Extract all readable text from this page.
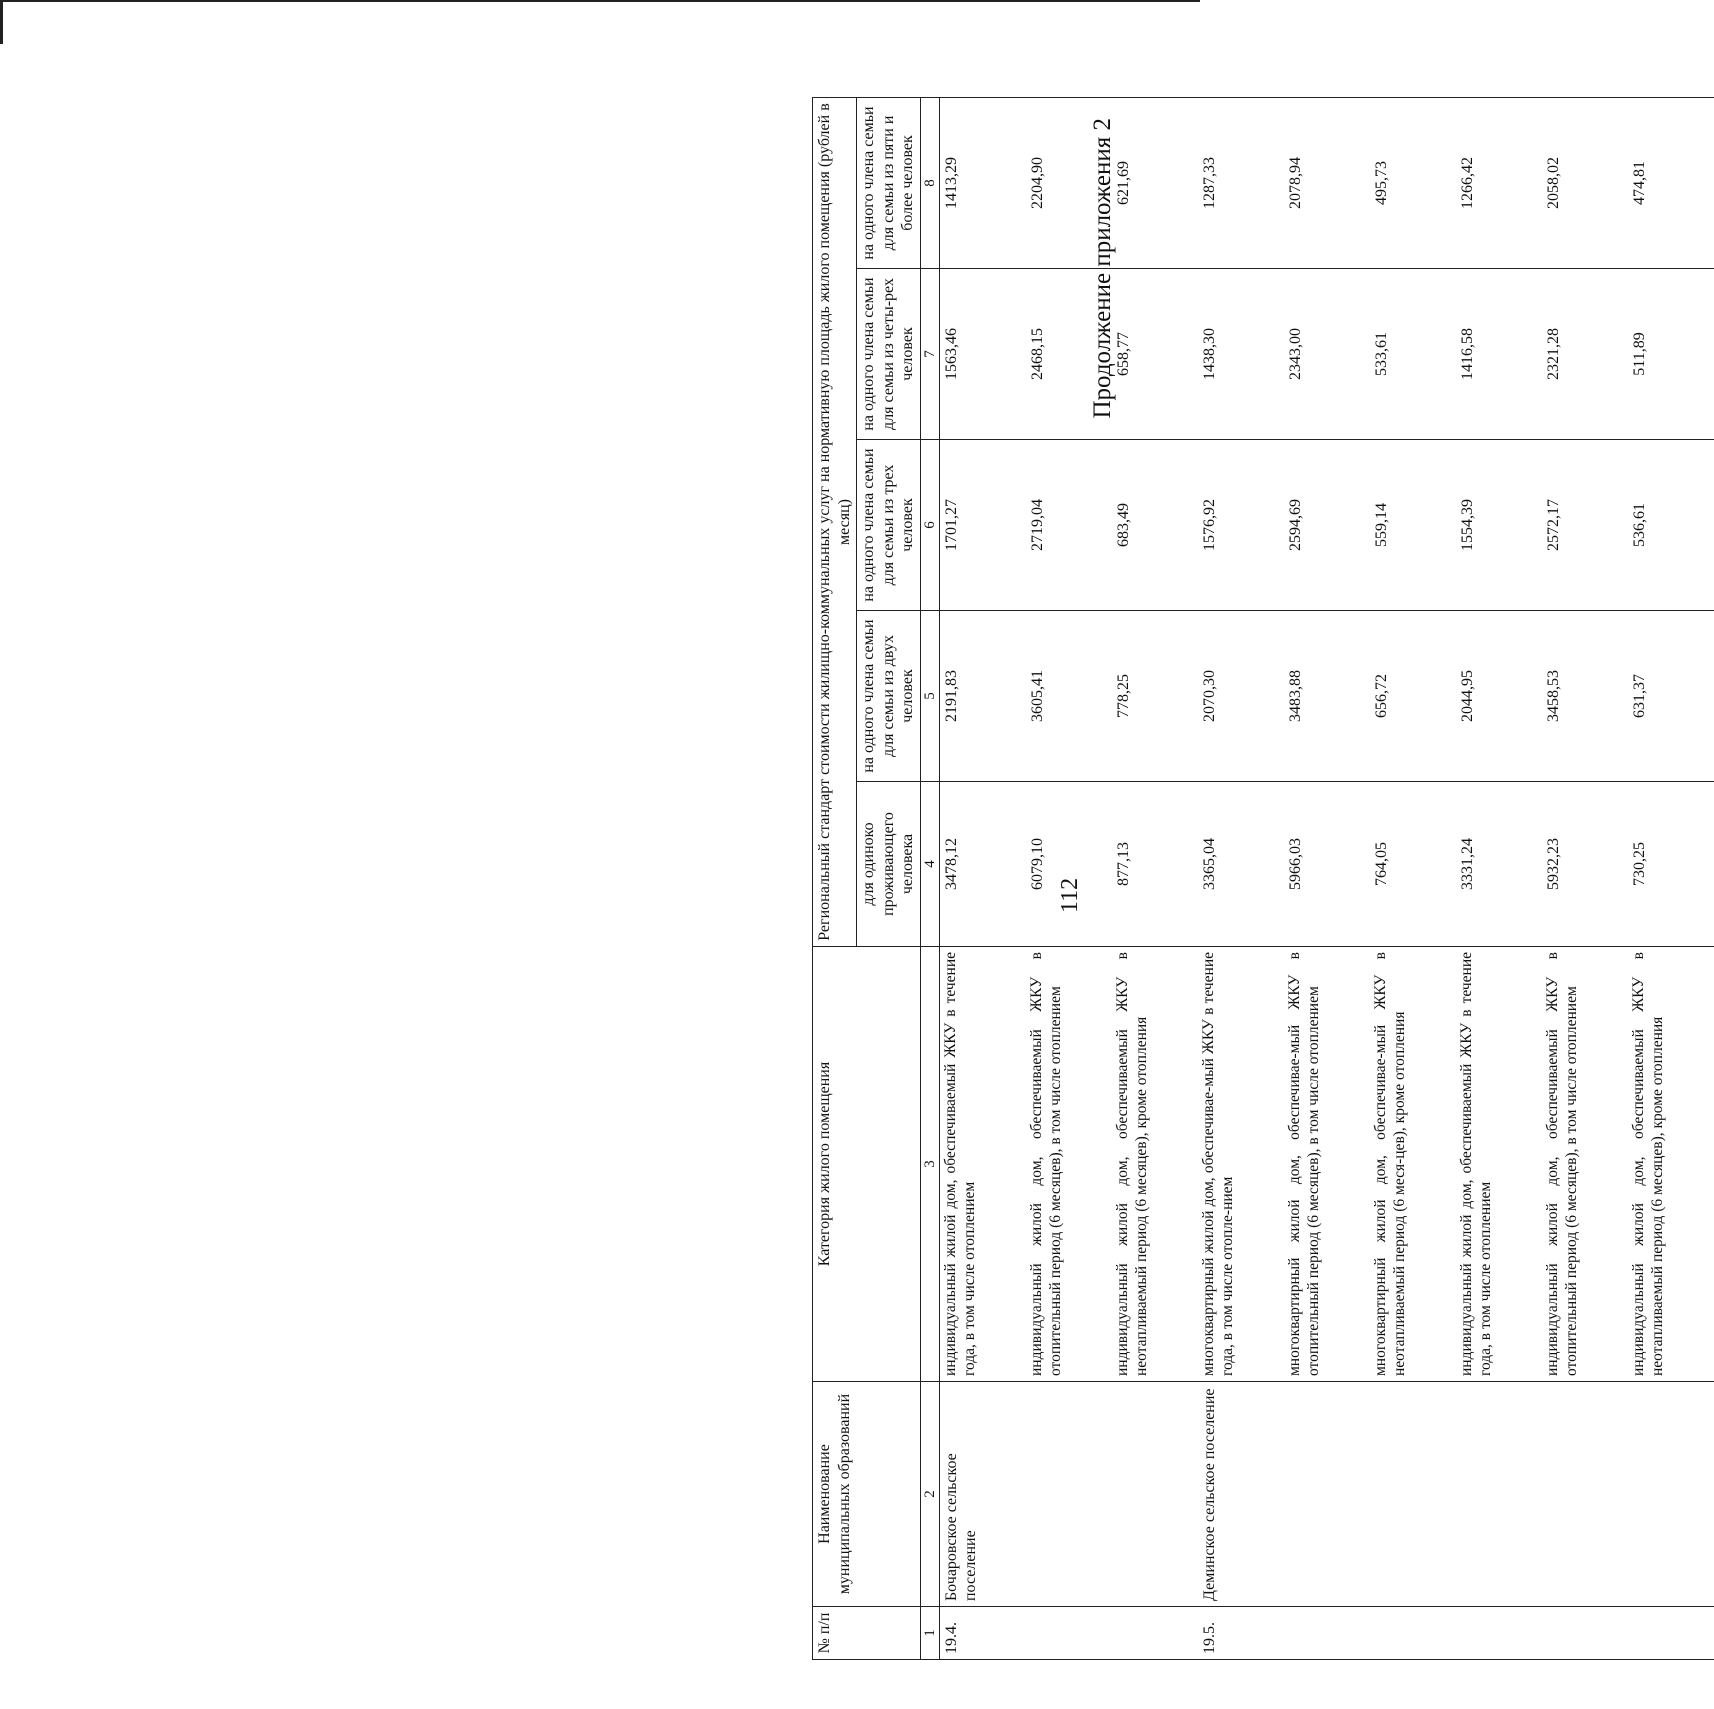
112
Продолжение приложения 2
№ п/п	Наименование муниципальных образований	Категория жилого помещения	Региональный стандарт стоимости жилищно-коммунальных услуг на нормативную площадь жилого помещения (рублей в месяц)				
			для одиноко проживающего человека	на одного члена семьи для семьи из двух человек	на одного члена семьи для семьи из трех человек	на одного члена семьи для семьи из четы-рех человек	на одного члена семьи для семьи из пяти и более человек
1	2	3	4	5	6	7	8
19.4.	Бочаровское сельское поселение	индивидуальный жилой дом, обеспечиваемый ЖКУ в течение года, в том числе отоплением	3478,12	2191,83	1701,27	1563,46	1413,29
		индивидуальный жилой дом, обеспечиваемый ЖКУ в отопительный период (6 месяцев), в том числе отоплением	6079,10	3605,41	2719,04	2468,15	2204,90
		индивидуальный жилой дом, обеспечиваемый ЖКУ в неотапливаемый период (6 месяцев), кроме отопления	877,13	778,25	683,49	658,77	621,69
19.5.	Деминское сельское поселение	многоквартирный жилой дом, обеспечивае-мый ЖКУ в течение года, в том числе отопле-нием	3365,04	2070,30	1576,92	1438,30	1287,33
		многоквартирный жилой дом, обеспечивае-мый ЖКУ в отопительный период (6 месяцев), в том числе отоплением	5966,03	3483,88	2594,69	2343,00	2078,94
		многоквартирный жилой дом, обеспечивае-мый ЖКУ в неотапливаемый период (6 меся-цев), кроме отопления	764,05	656,72	559,14	533,61	495,73
		индивидуальный жилой дом, обеспечиваемый ЖКУ в течение года, в том числе отоплением	3331,24	2044,95	1554,39	1416,58	1266,42
		индивидуальный жилой дом, обеспечиваемый ЖКУ в отопительный период (6 месяцев), в том числе отоплением	5932,23	3458,53	2572,17	2321,28	2058,02
		индивидуальный жилой дом, обеспечиваемый ЖКУ в неотапливаемый период (6 месяцев), кроме отопления	730,25	631,37	536,61	511,89	474,81
